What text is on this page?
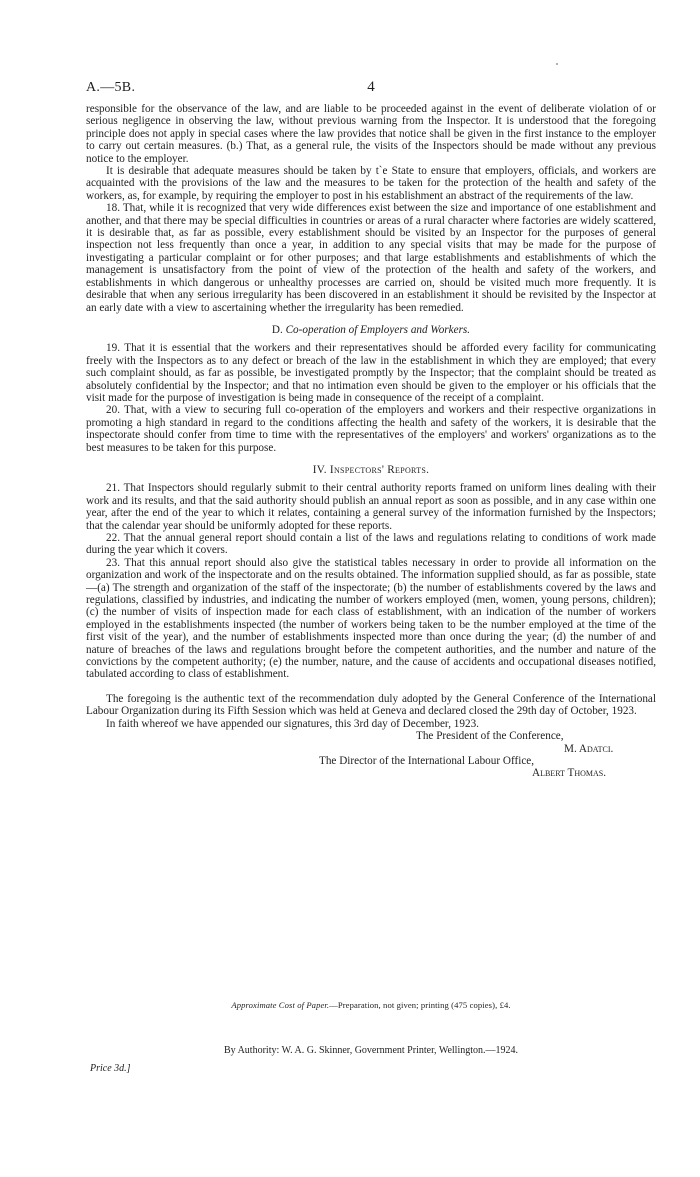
A.—5B.	4

responsible for the observance of the law, and are liable to be proceeded against in the event of deliberate violation of or serious negligence in observing the law, without previous warning from the Inspector. It is understood that the foregoing principle does not apply in special cases where the law provides that notice shall be given in the first instance to the employer to carry out certain measures. (b.) That, as a general rule, the visits of the Inspectors should be made without any previous notice to the employer.

It is desirable that adequate measures should be taken by t`e State to ensure that employers, officials, and workers are acquainted with the provisions of the law and the measures to be taken for the protection of the health and safety of the workers, as, for example, by requiring the employer to post in his establishment an abstract of the requirements of the law.

18. That, while it is recognized that very wide differences exist between the size and importance of one establishment and another, and that there may be special difficulties in countries or areas of a rural character where factories are widely scattered, it is desirable that, as far as possible, every establishment should be visited by an Inspector for the purposes of general inspection not less frequently than once a year, in addition to any special visits that may be made for the purpose of investigating a particular complaint or for other purposes; and that large establishments and establishments of which the management is unsatisfactory from the point of view of the protection of the health and safety of the workers, and establishments in which dangerous or unhealthy processes are carried on, should be visited much more frequently. It is desirable that when any serious irregularity has been discovered in an establishment it should be revisited by the Inspector at an early date with a view to ascertaining whether the irregularity has been remedied.

D. Co-operation of Employers and Workers.

19. That it is essential that the workers and their representatives should be afforded every facility for communicating freely with the Inspectors as to any defect or breach of the law in the establishment in which they are employed; that every such complaint should, as far as possible, be investigated promptly by the Inspector; that the complaint should be treated as absolutely confidential by the Inspector; and that no intimation even should be given to the employer or his officials that the visit made for the purpose of investigation is being made in consequence of the receipt of a complaint.

20. That, with a view to securing full co-operation of the employers and workers and their respective organizations in promoting a high standard in regard to the conditions affecting the health and safety of the workers, it is desirable that the inspectorate should confer from time to time with the representatives of the employers' and workers' organizations as to the best measures to be taken for this purpose.

IV. Inspectors' Reports.

21. That Inspectors should regularly submit to their central authority reports framed on uniform lines dealing with their work and its results, and that the said authority should publish an annual report as soon as possible, and in any case within one year, after the end of the year to which it relates, containing a general survey of the information furnished by the Inspectors; that the calendar year should be uniformly adopted for these reports.

22. That the annual general report should contain a list of the laws and regulations relating to conditions of work made during the year which it covers.

23. That this annual report should also give the statistical tables necessary in order to provide all information on the organization and work of the inspectorate and on the results obtained. The information supplied should, as far as possible, state—(a) The strength and organization of the staff of the inspectorate; (b) the number of establishments covered by the laws and regulations, classified by industries, and indicating the number of workers employed (men, women, young persons, children); (c) the number of visits of inspection made for each class of establishment, with an indication of the number of workers employed in the establishments inspected (the number of workers being taken to be the number employed at the time of the first visit of the year), and the number of establishments inspected more than once during the year; (d) the number of and nature of breaches of the laws and regulations brought before the competent authorities, and the number and nature of the convictions by the competent authority; (e) the number, nature, and the cause of accidents and occupational diseases notified, tabulated according to class of establishment.

The foregoing is the authentic text of the recommendation duly adopted by the General Conference of the International Labour Organization during its Fifth Session which was held at Geneva and declared closed the 29th day of October, 1923.

In faith whereof we have appended our signatures, this 3rd day of December, 1923.

The President of the Conference,

M. Adatci.

The Director of the International Labour Office,

Albert Thomas.

Approximate Cost of Paper.—Preparation, not given; printing (475 copies), £4.
By Authority: W. A. G. Skinner, Government Printer, Wellington.—1924.
Price 3d.]
